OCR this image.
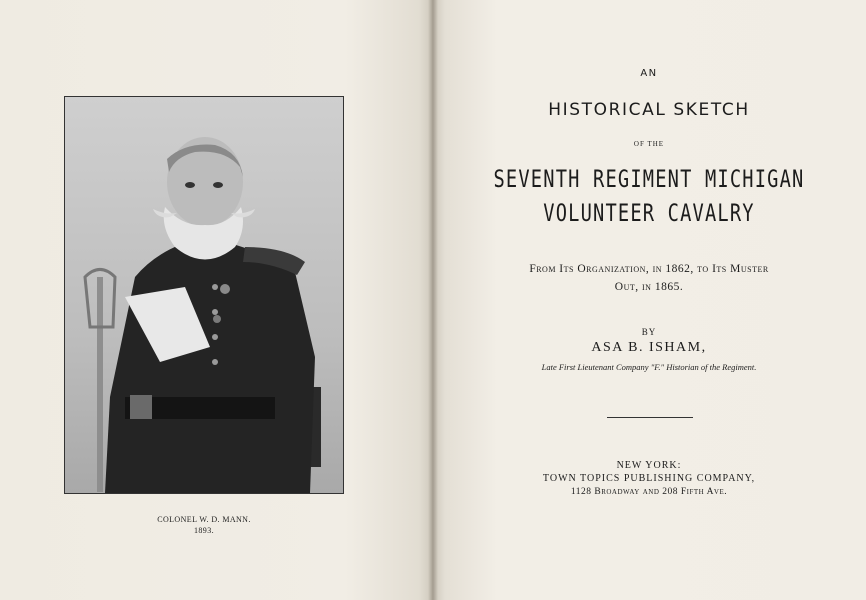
COLONEL W. D. MANN.
1893.

AN

HISTORICAL SKETCH

OF THE

SEVENTH REGIMENT MICHIGAN

VOLUNTEER CAVALRY

From Its Organization, in 1862, to Its Muster

Out, in 1865.

BY

ASA B. ISHAM,

Late First Lieutenant Company "F." Historian of the Regiment.

NEW YORK:

TOWN TOPICS PUBLISHING COMPANY,

1128 Broadway and 208 Fifth Ave.
